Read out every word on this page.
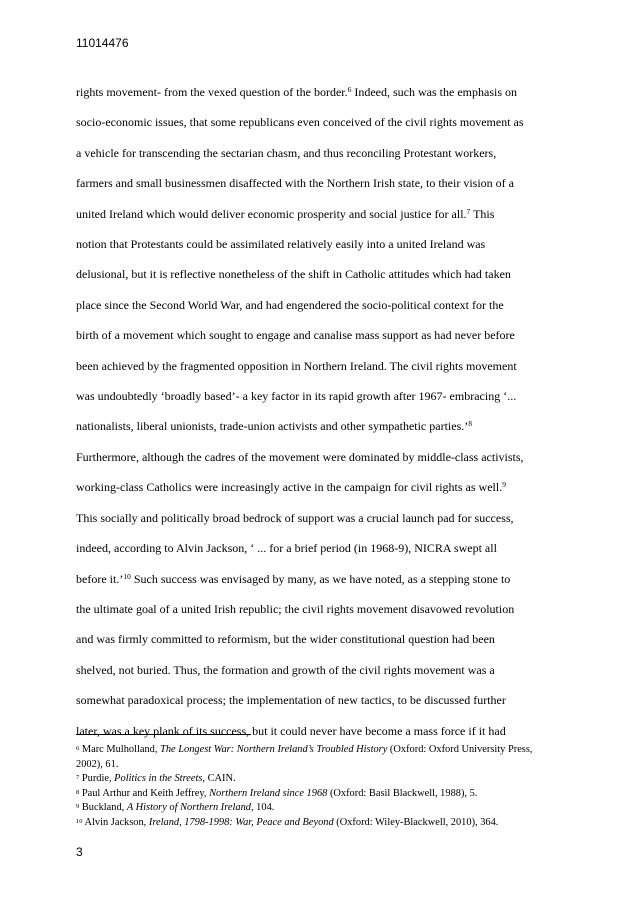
11014476
rights movement- from the vexed question of the border.$^6$ Indeed, such was the emphasis on
socio-economic issues, that some republicans even conceived of the civil rights movement as
a vehicle for transcending the sectarian chasm, and thus reconciling Protestant workers,
farmers and small businessmen disaffected with the Northern Irish state, to their vision of a
united Ireland which would deliver economic prosperity and social justice for all.$^7$ This
notion that Protestants could be assimilated relatively easily into a united Ireland was
delusional, but it is reflective nonetheless of the shift in Catholic attitudes which had taken
place since the Second World War, and had engendered the socio-political context for the
birth of a movement which sought to engage and canalise mass support as had never before
been achieved by the fragmented opposition in Northern Ireland. The civil rights movement
was undoubtedly ‘broadly based’- a key factor in its rapid growth after 1967- embracing ‘...
nationalists, liberal unionists, trade-union activists and other sympathetic parties.’$^8$
Furthermore, although the cadres of the movement were dominated by middle-class activists,
working-class Catholics were increasingly active in the campaign for civil rights as well.$^9$
This socially and politically broad bedrock of support was a crucial launch pad for success,
indeed, according to Alvin Jackson, ‘ ... for a brief period (in 1968-9), NICRA swept all
before it.’$^{10}$ Such success was envisaged by many, as we have noted, as a stepping stone to
the ultimate goal of a united Irish republic; the civil rights movement disavowed revolution
and was firmly committed to reformism, but the wider constitutional question had been
shelved, not buried. Thus, the formation and growth of the civil rights movement was a
somewhat paradoxical process; the implementation of new tactics, to be discussed further
later, was a key plank of its success, but it could never have become a mass force if it had
$^6$ Marc Mulholland, The Longest War: Northern Ireland’s Troubled History (Oxford: Oxford University Press,
2002), 61.
$^7$ Purdie, Politics in the Streets, CAIN.
$^8$ Paul Arthur and Keith Jeffrey, Northern Ireland since 1968 (Oxford: Basil Blackwell, 1988), 5.
$^9$ Buckland, A History of Northern Ireland, 104.
$^{10}$ Alvin Jackson, Ireland, 1798-1998: War, Peace and Beyond (Oxford: Wiley-Blackwell, 2010), 364.
3
